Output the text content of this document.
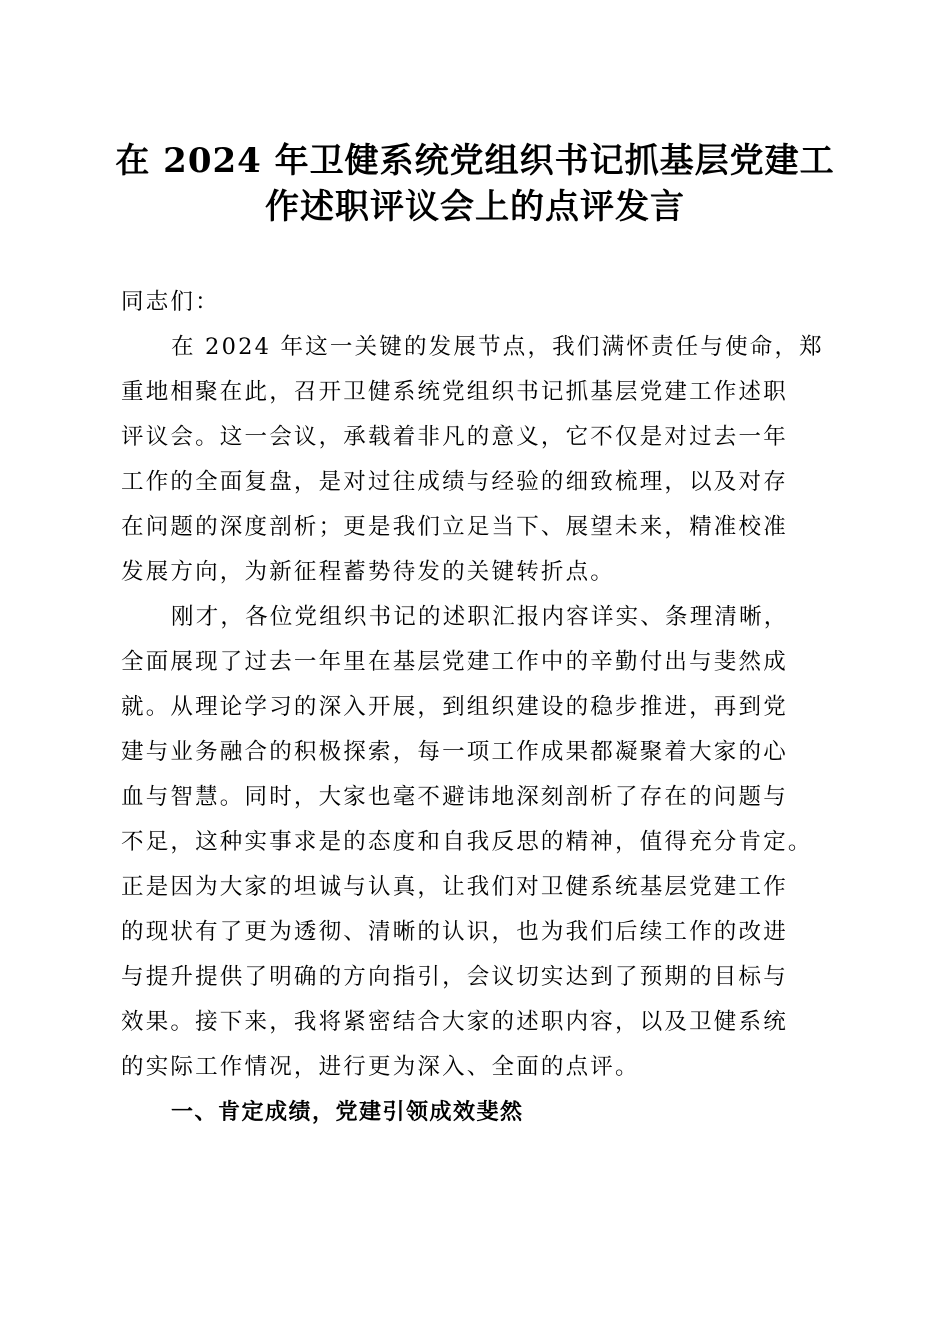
在 2024 年卫健系统党组织书记抓基层党建工
作述职评议会上的点评发言

同志们：

在 2024 年这一关键的发展节点，我们满怀责任与使命，郑
重地相聚在此，召开卫健系统党组织书记抓基层党建工作述职
评议会。这一会议，承载着非凡的意义，它不仅是对过去一年
工作的全面复盘，是对过往成绩与经验的细致梳理，以及对存
在问题的深度剖析；更是我们立足当下、展望未来，精准校准
发展方向，为新征程蓄势待发的关键转折点。

刚才，各位党组织书记的述职汇报内容详实、条理清晰，
全面展现了过去一年里在基层党建工作中的辛勤付出与斐然成
就。从理论学习的深入开展，到组织建设的稳步推进，再到党
建与业务融合的积极探索，每一项工作成果都凝聚着大家的心
血与智慧。同时，大家也毫不避讳地深刻剖析了存在的问题与
不足，这种实事求是的态度和自我反思的精神，值得充分肯定。
正是因为大家的坦诚与认真，让我们对卫健系统基层党建工作
的现状有了更为透彻、清晰的认识，也为我们后续工作的改进
与提升提供了明确的方向指引，会议切实达到了预期的目标与
效果。接下来，我将紧密结合大家的述职内容，以及卫健系统
的实际工作情况，进行更为深入、全面的点评。

一、肯定成绩，党建引领成效斐然
